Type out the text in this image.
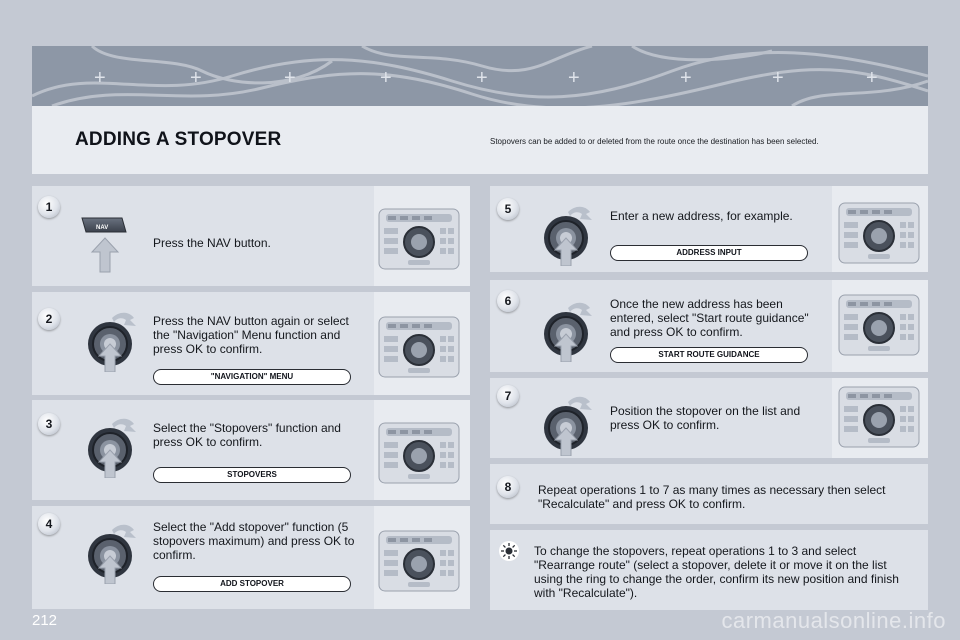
+	+	+	+	+	+	+	+	+
ADDING A STOPOVER	Stopovers can be added to or deleted from the route once the destination has been selected.
1
NAV
Press the NAV button.
2	Press the NAV button again or select the "Navigation" Menu function and press OK to confirm.
"NAVIGATION" MENU
3	Select the "Stopovers" function and press OK to confirm.
STOPOVERS
4	Select the "Add stopover" function (5 stopovers maximum) and press OK to confirm.
ADD STOPOVER
5	Enter a new address, for example.
ADDRESS INPUT
6	Once the new address has been entered, select "Start route guidance" and press OK to confirm.
START ROUTE GUIDANCE
7
Position the stopover on the list and press OK to confirm.
8	Repeat operations 1 to 7 as many times as necessary then select "Recalculate" and press OK to confirm.
To change the stopovers, repeat operations 1 to 3 and select "Rearrange route" (select a stopover, delete it or move it on the list using the ring to change the order, confirm its new position and finish with "Recalculate").
212	carmanualsonline.info
